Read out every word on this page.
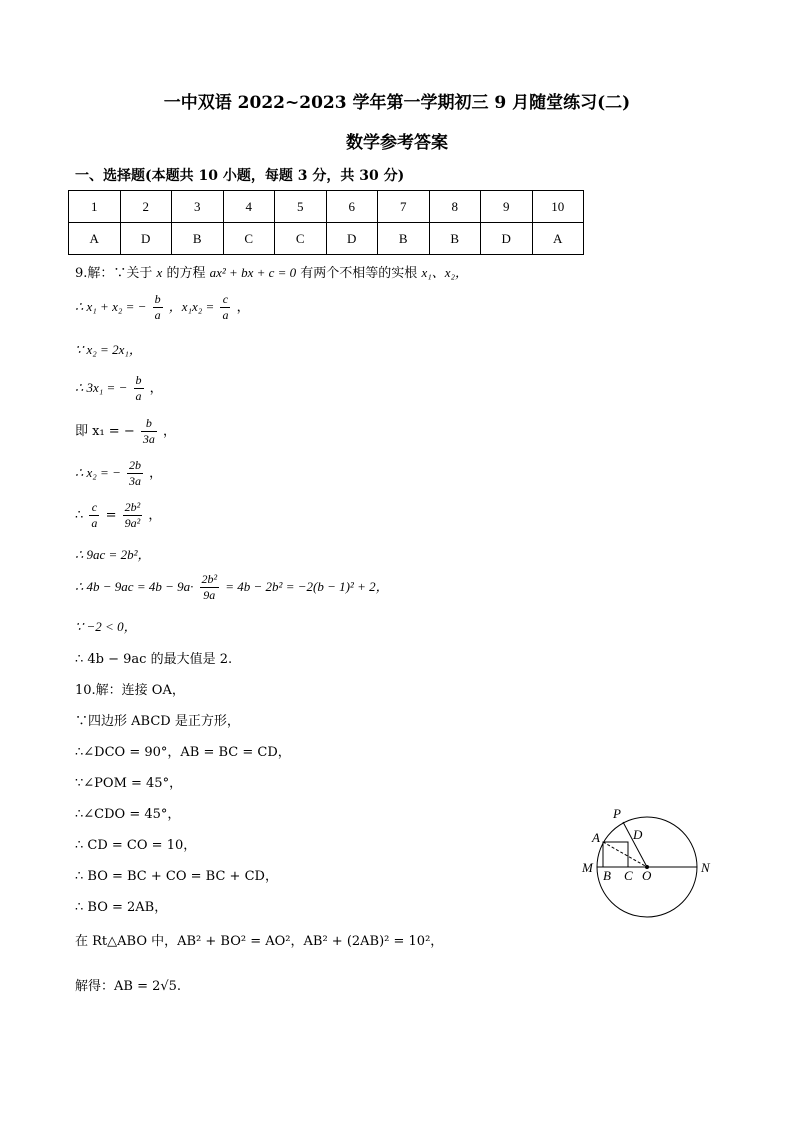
一中双语 2022~2023 学年第一学期初三 9 月随堂练习(二)
数学参考答案
一、选择题(本题共 10 小题，每题 3 分，共 30 分)
1	2	3	4	5	6	7	8	9	10
A	D	B	C	C	D	B	B	D	A
9.解：∵关于 x 的方程 ax² + bx + c = 0 有两个不相等的实根 x₁、x₂，
∴ x₁ + x₂ = − $\frac{b}{a}$ ，$x_1x_2 = \frac{c}{a}$ ，
∵ x₂ = 2x₁，
∴ 3x₁ = − $\frac{b}{a}$ ，
即 x₁ = − $\frac{b}{3a}$ ，
∴ x₂ = − $\frac{2b}{3a}$ ，
∴ $\frac{c}{a} = \frac{\text{2b²}}{\text{9a²}}$ ，
∴ 9ac = 2b²，
∴ $4b - 9ac = 4b - 9a\cdot \frac{\text{2b²}}{9a} = 4b - 2b^2 = -2(b - 1)^2 + 2$，
∵ −2 < 0，
∴ 4b − 9ac 的最大值是 2.
10.解：连接 OA，
∵四边形 ABCD 是正方形，
∴∠DCO = 90°，AB = BC = CD，
∵∠POM = 45°，
∴∠CDO = 45°，
∴ CD = CO = 10，
∴ BO = BC + CO = BC + CD，
∴ BO = 2AB，
在 Rt△ABO 中，AB² + BO² = AO²，AB² + (2AB)² = 10²，
解得：AB = 2√5.
P
A	D
M
B C O
N
